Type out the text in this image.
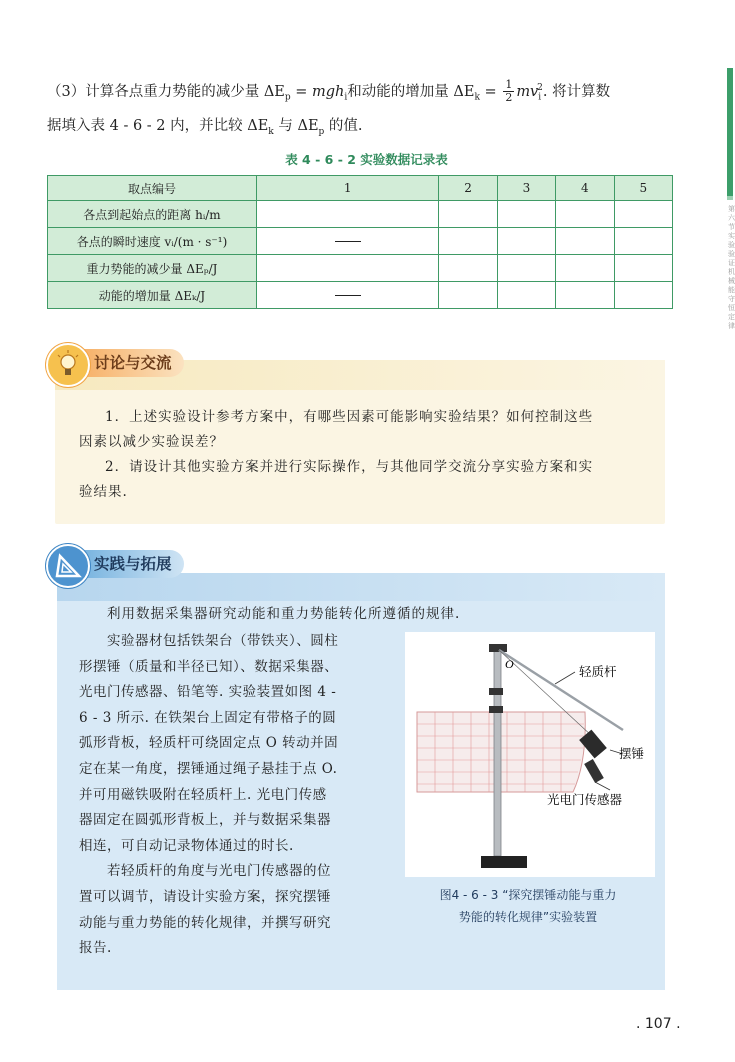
第六节 实验 验证机械能守恒定律
（3）计算各点重力势能的减少量 $\Delta E_p = mgh_i$和动能的增加量 $\Delta E_k = \frac{1}{2} mv_i^2$. 将计算数
据填入表 4 - 6 - 2 内，并比较 $\Delta E_k$ 与 $\Delta E_p$ 的值.
表 4 - 6 - 2 实验数据记录表
取点编号	1	2	3	4	5
各点到起始点的距离 hᵢ/m					
各点的瞬时速度 vᵢ/(m · s⁻¹)					
重力势能的减少量 ΔEₚ/J					
动能的增加量 ΔEₖ/J					
讨论与交流
1．上述实验设计参考方案中，有哪些因素可能影响实验结果？如何控制这些
因素以减少实验误差？
2．请设计其他实验方案并进行实际操作，与其他同学交流分享实验方案和实
验结果.
实践与拓展
利用数据采集器研究动能和重力势能转化所遵循的规律.
　　实验器材包括铁架台（带铁夹）、圆柱
形摆锤（质量和半径已知）、数据采集器、
光电门传感器、铅笔等. 实验装置如图 4 -
6 - 3 所示. 在铁架台上固定有带格子的圆
弧形背板，轻质杆可绕固定点 O 转动并固
定在某一角度，摆锤通过绳子悬挂于点 O.
并可用磁铁吸附在轻质杆上. 光电门传感
器固定在圆弧形背板上，并与数据采集器
相连，可自动记录物体通过的时长.
　　若轻质杆的角度与光电门传感器的位
置可以调节，请设计实验方案，探究摆锤
动能与重力势能的转化规律，并撰写研究
报告.
O	轻质杆
摆锤
光电门传感器
图4 - 6 - 3 “探究摆锤动能与重力
势能的转化规律”实验装置
. 107 .
